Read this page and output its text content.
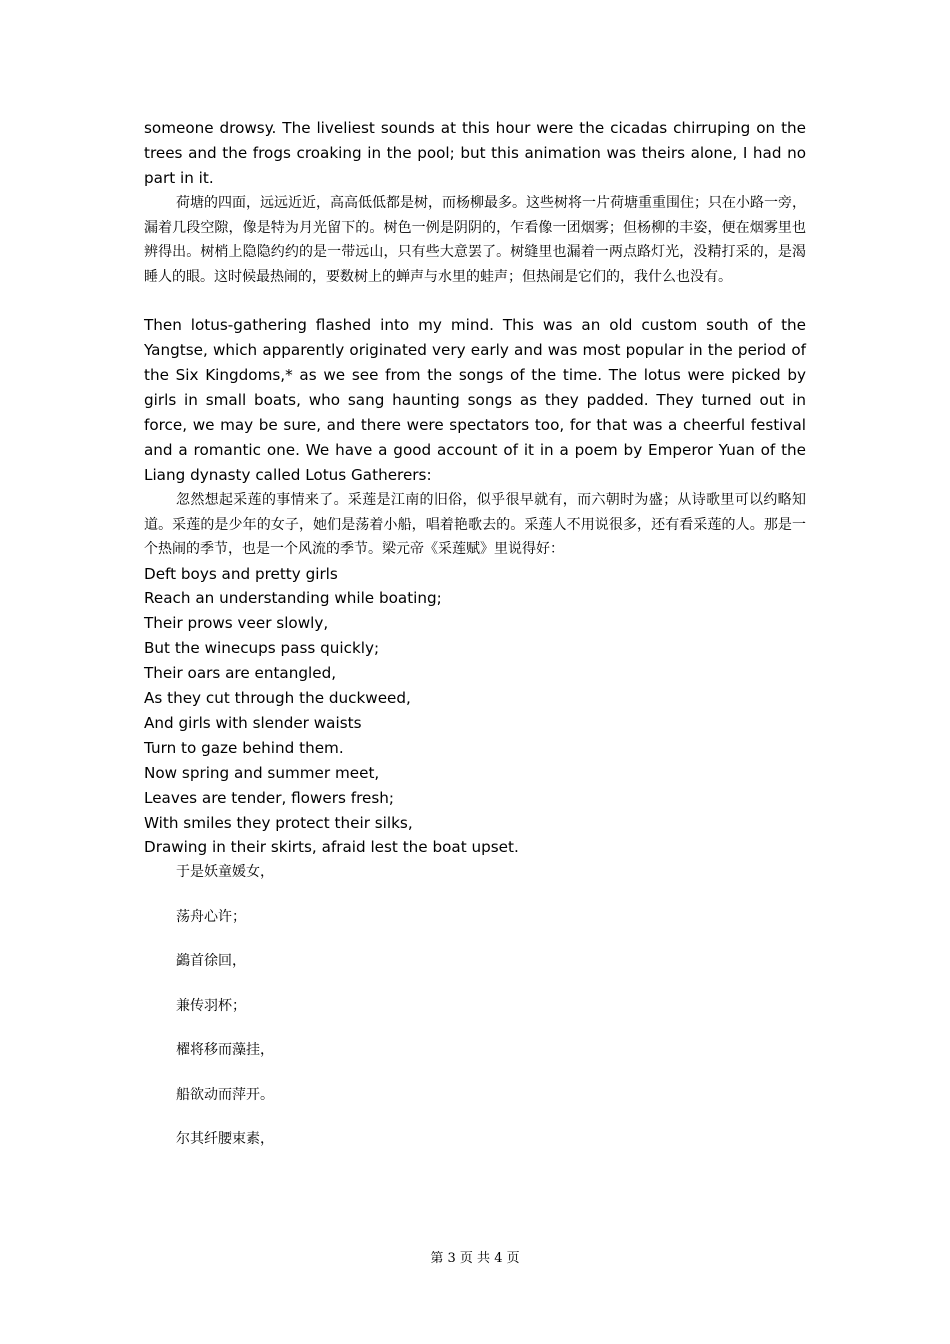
someone drowsy. The liveliest sounds at this hour were the cicadas chirruping on the trees and the frogs croaking in the pool; but this animation was theirs alone, I had no part in it.

荷塘的四面，远远近近，高高低低都是树，而杨柳最多。这些树将一片荷塘重重围住；只在小路一旁，漏着几段空隙，像是特为月光留下的。树色一例是阴阴的，乍看像一团烟雾；但杨柳的丰姿，便在烟雾里也辨得出。树梢上隐隐约约的是一带远山，只有些大意罢了。树缝里也漏着一两点路灯光，没精打采的，是渴睡人的眼。这时候最热闹的，要数树上的蝉声与水里的蛙声；但热闹是它们的，我什么也没有。

Then lotus-gathering flashed into my mind. This was an old custom south of the Yangtse, which apparently originated very early and was most popular in the period of the Six Kingdoms,* as we see from the songs of the time. The lotus were picked by girls in small boats, who sang haunting songs as they padded. They turned out in force, we may be sure, and there were spectators too, for that was a cheerful festival and a romantic one. We have a good account of it in a poem by Emperor Yuan of the Liang dynasty called Lotus Gatherers:

忽然想起采莲的事情来了。采莲是江南的旧俗，似乎很早就有，而六朝时为盛；从诗歌里可以约略知道。采莲的是少年的女子，她们是荡着小船，唱着艳歌去的。采莲人不用说很多，还有看采莲的人。那是一个热闹的季节，也是一个风流的季节。梁元帝《采莲赋》里说得好：

Deft boys and pretty girls
Reach an understanding while boating;
Their prows veer slowly,
But the winecups pass quickly;
Their oars are entangled,
As they cut through the duckweed,
And girls with slender waists
Turn to gaze behind them.
Now spring and summer meet,
Leaves are tender, flowers fresh;
With smiles they protect their silks,
Drawing in their skirts, afraid lest the boat upset.
于是妖童媛女，
荡舟心许；
鷁首徐回，
兼传羽杯；
櫂将移而藻挂，
船欲动而萍开。
尔其纤腰束素，
第 3 页 共 4 页
